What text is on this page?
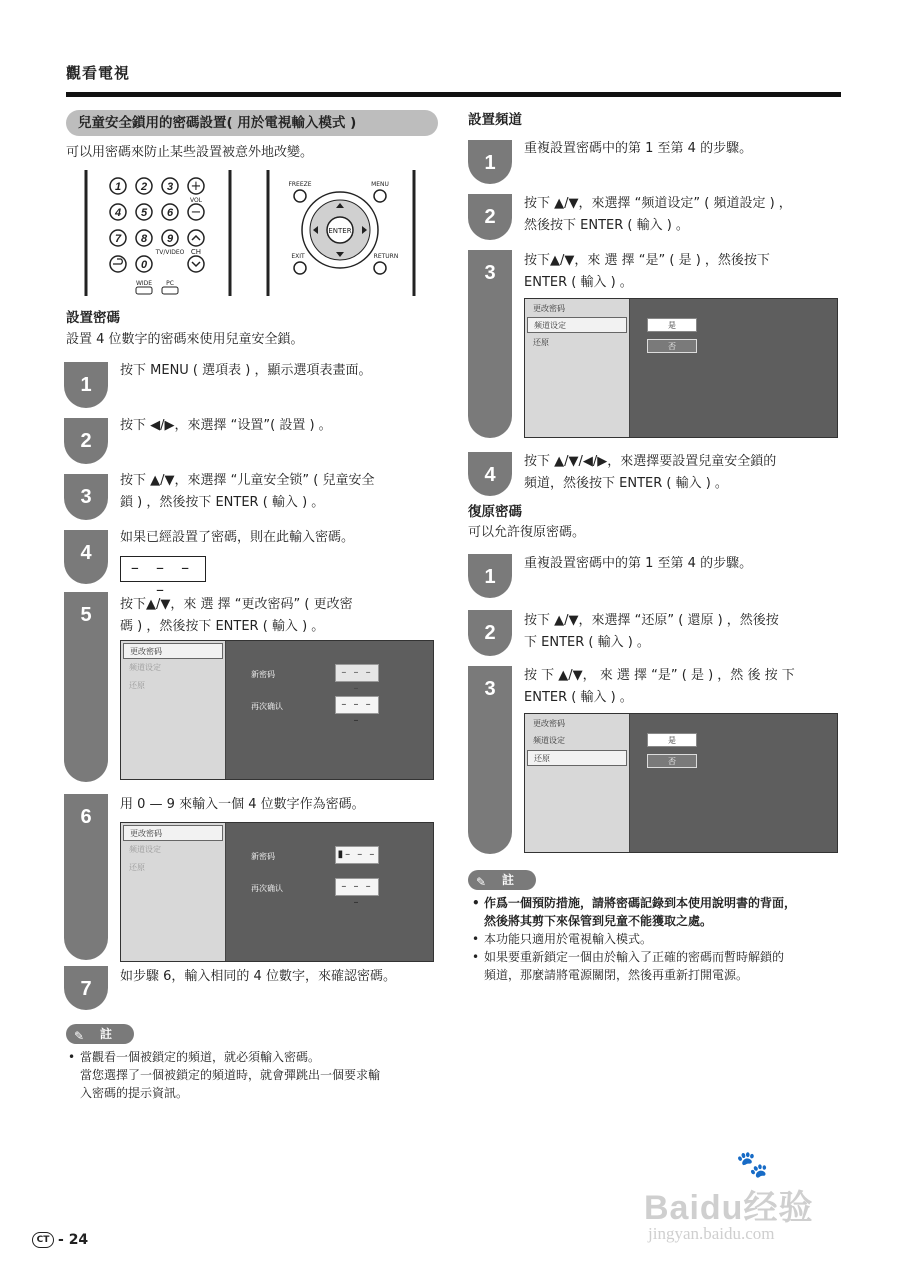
觀看電視
兒童安全鎖用的密碼設置( 用於電視輸入模式 )
可以用密碼來防止某些設置被意外地改變。
1 2 3
4 5 6
7 8 9
0
+
−
VOL
CH
TV/VIDEO
WIDE PC
FREEZE	MENU
EXIT	RETURN
ENTER
設置密碼
設置 4 位數字的密碼來使用兒童安全鎖。
1
按下 MENU ( 選項表 ) ，顯示選項表畫面。
2
按下 ◀/▶，來選擇 “设置”( 設置 ) 。
3
按下 ▲/▼，來選擇 “儿童安全锁” ( 兒童安全
鎖 ) ，然後按下 ENTER ( 輸入 ) 。
4
如果已經設置了密碼，則在此輸入密碼。
– – – –
5	按下▲/▼，來 選 擇 “更改密码” ( 更改密
碼 ) ，然後按下 ENTER ( 輸入 ) 。
更改密码
频道设定
还原
新密码	– – – –
再次确认	– – – –
6
用 0 — 9 來輸入一個 4 位數字作為密碼。
更改密码
频道设定
还原
新密码	▮– – –
再次确认	– – – –
7
如步驟 6，輸入相同的 4 位數字，來確認密碼。
✎ 註
• 當觀看一個被鎖定的頻道，就必須輸入密碼。
當您選擇了一個被鎖定的頻道時，就會彈跳出一個要求輸
入密碼的提示資訊。
設置頻道
1
重複設置密碼中的第 1 至第 4 的步驟。
2
按下 ▲/▼，來選擇 “频道设定” ( 頻道設定 ) ，
然後按下 ENTER ( 輸入 ) 。
3
按下▲/▼，來 選 擇 “是” ( 是 ) ，然後按下
ENTER ( 輸入 ) 。
更改密码
频道设定
还原
是
否
4
按下 ▲/▼/◀/▶，來選擇要設置兒童安全鎖的
頻道，然後按下 ENTER ( 輸入 ) 。
復原密碼
可以允許復原密碼。
1
重複設置密碼中的第 1 至第 4 的步驟。
2
按下 ▲/▼，來選擇 “还原” ( 還原 ) ，然後按
下 ENTER ( 輸入 ) 。
3
按 下 ▲/▼， 來 選 擇 “是” ( 是 ) ，然 後 按 下
ENTER ( 輸入 ) 。
更改密码
频道设定
还原
是
否
✎ 註
• 作爲一個預防措施，請將密碼記錄到本使用說明書的背面，
然後將其剪下來保管到兒童不能獲取之處。
• 本功能只適用於電視輸入模式。
• 如果要重新鎖定一個由於輸入了正確的密碼而暫時解鎖的
頻道，那麼請將電源關閉，然後再重新打開電源。
CT - 24
🐾
Baidu经验
jingyan.baidu.com
